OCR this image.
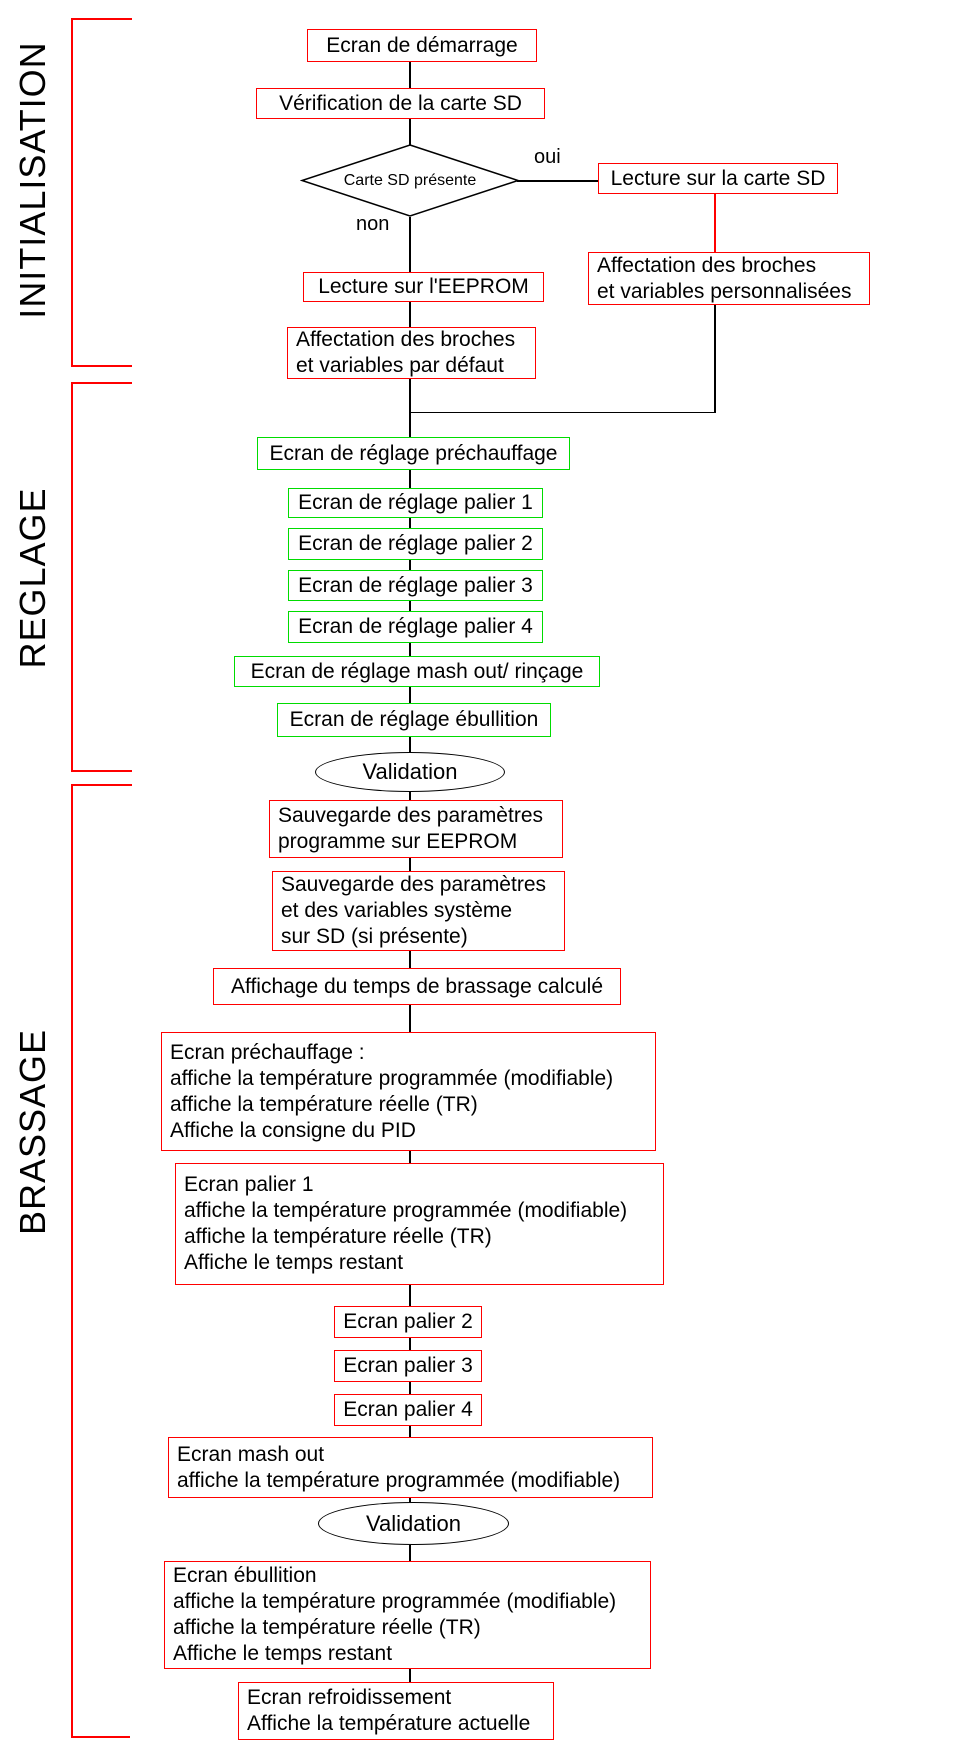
INITIALISATION
REGLAGE
BRASSAGE
oui
non
Ecran de démarrage
Vérification de la carte SD
Carte SD présente	Lecture sur la carte SD
Affectation des broches
et variables personnalisées
Lecture sur l'EEPROM
Affectation des broches
et variables par défaut
Ecran de réglage préchauffage
Ecran de réglage palier 1
Ecran de réglage palier 2
Ecran de réglage palier 3
Ecran de réglage palier 4
Ecran de réglage mash out/ rinçage
Ecran de réglage ébullition
Validation
Sauvegarde des paramètres
programme sur EEPROM
Sauvegarde des paramètres
et des variables système
sur SD (si présente)
Affichage du temps de brassage calculé
Ecran préchauffage :
affiche la température programmée (modifiable)
affiche la température réelle (TR)
Affiche la consigne du PID
Ecran palier 1
affiche la température programmée (modifiable)
affiche la température réelle (TR)
Affiche le temps restant
Ecran palier 2
Ecran palier 3
Ecran palier 4
Ecran mash out
affiche la température programmée (modifiable)
Validation
Ecran ébullition
affiche la température programmée (modifiable)
affiche la température réelle (TR)
Affiche le temps restant
Ecran refroidissement
Affiche la température actuelle
